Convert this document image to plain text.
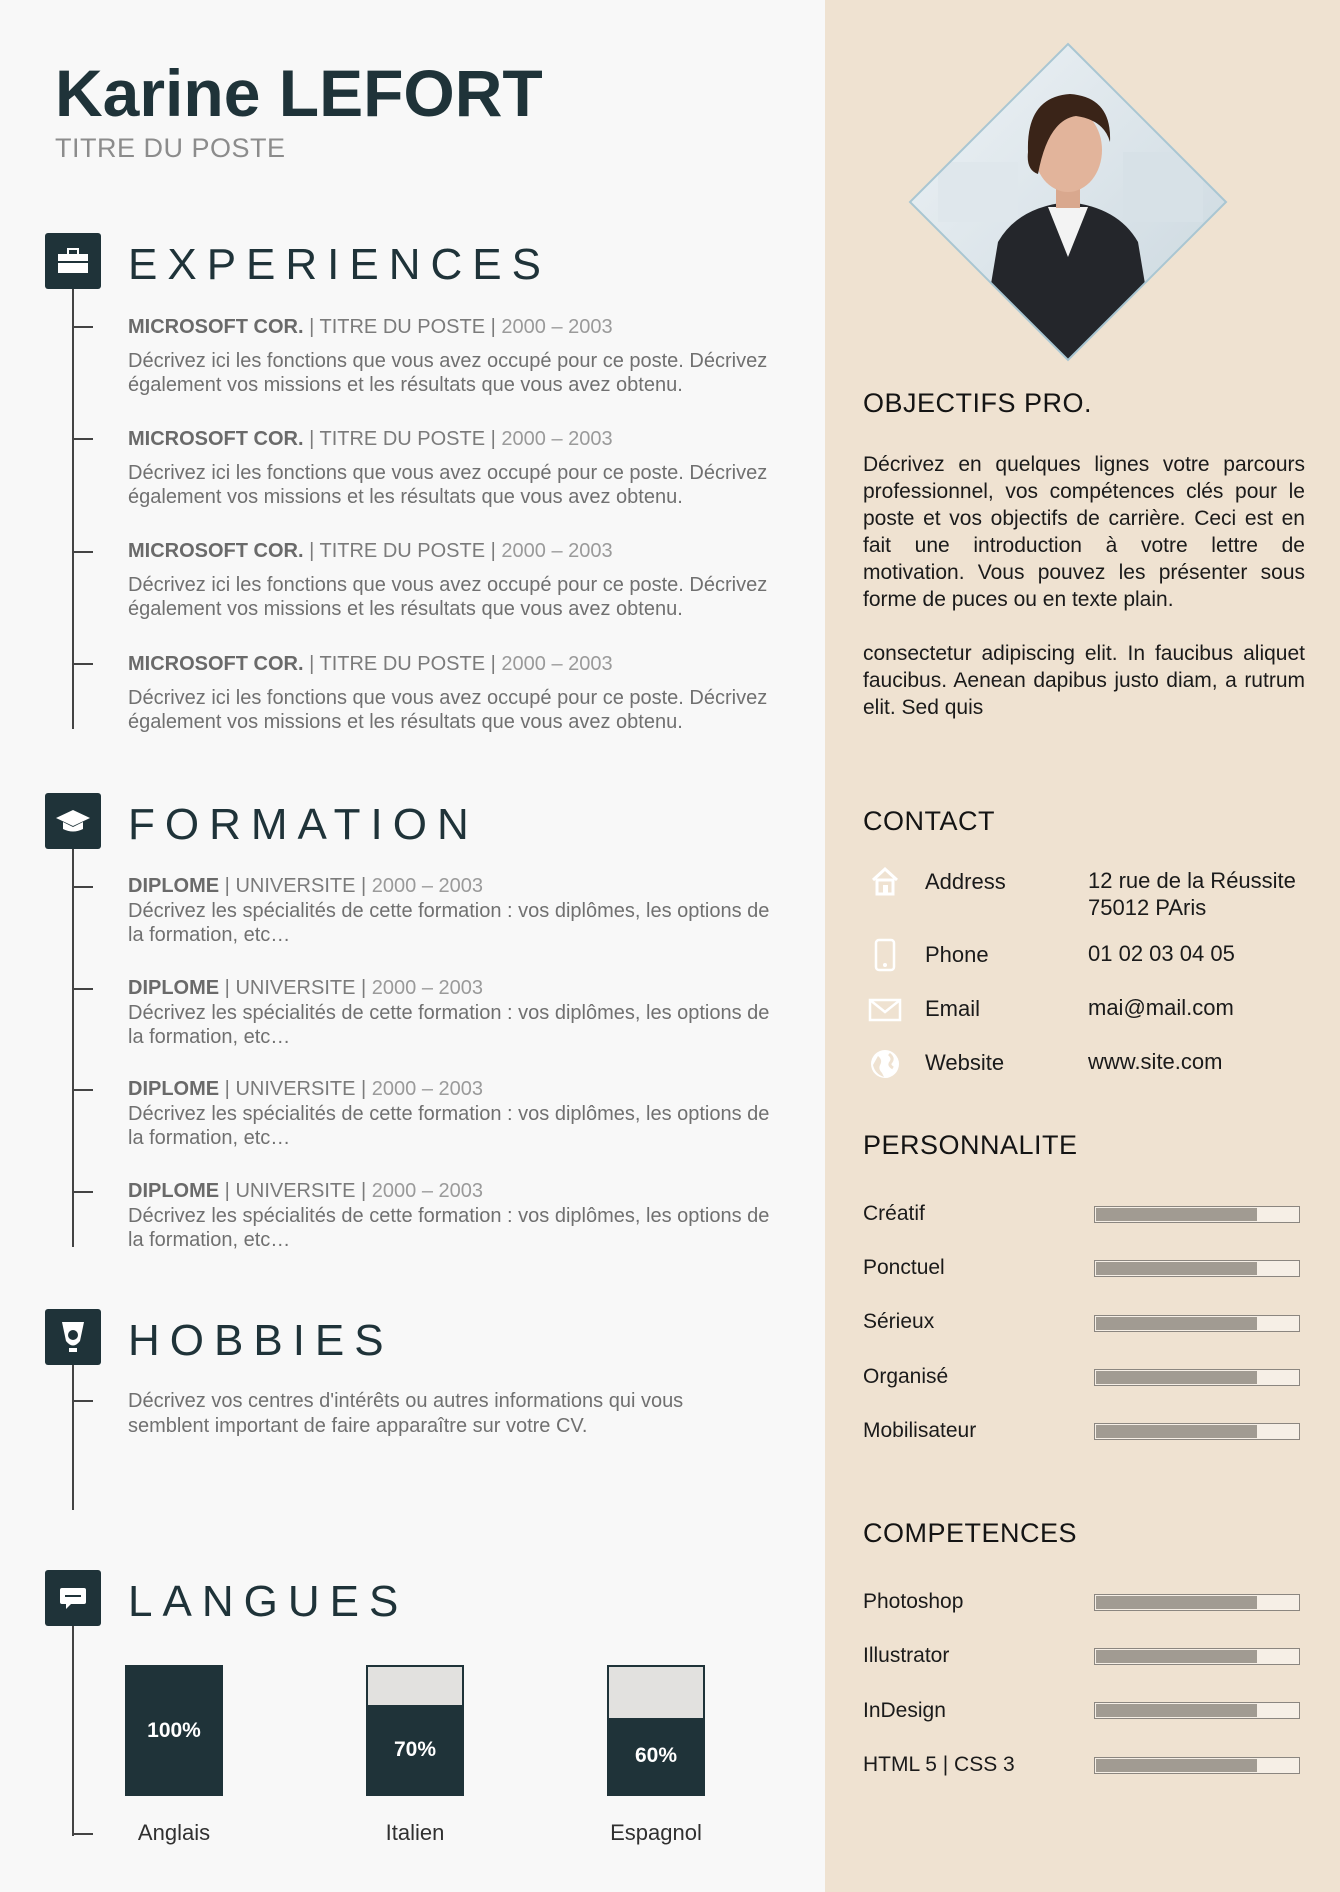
Karine LEFORT
TITRE DU POSTE
EXPERIENCES
MICROSOFT COR. | TITRE DU POSTE | 2000 – 2003
Décrivez ici les fonctions que vous avez occupé pour ce poste. Décrivez également vos missions et les résultats que vous avez obtenu.
MICROSOFT COR. | TITRE DU POSTE | 2000 – 2003
Décrivez ici les fonctions que vous avez occupé pour ce poste. Décrivez également vos missions et les résultats que vous avez obtenu.
MICROSOFT COR. | TITRE DU POSTE | 2000 – 2003
Décrivez ici les fonctions que vous avez occupé pour ce poste. Décrivez également vos missions et les résultats que vous avez obtenu.
MICROSOFT COR. | TITRE DU POSTE | 2000 – 2003
Décrivez ici les fonctions que vous avez occupé pour ce poste. Décrivez également vos missions et les résultats que vous avez obtenu.
FORMATION
DIPLOME | UNIVERSITE | 2000 – 2003
Décrivez les spécialités de cette formation : vos diplômes, les options de la formation, etc…
DIPLOME | UNIVERSITE | 2000 – 2003
Décrivez les spécialités de cette formation : vos diplômes, les options de la formation, etc…
DIPLOME | UNIVERSITE | 2000 – 2003
Décrivez les spécialités de cette formation : vos diplômes, les options de la formation, etc…
DIPLOME | UNIVERSITE | 2000 – 2003
Décrivez les spécialités de cette formation : vos diplômes, les options de la formation, etc…
HOBBIES
Décrivez vos centres d'intérêts ou autres informations qui vous semblent important de faire apparaître sur votre CV.
LANGUES
100%
Anglais
70%
Italien
60%
Espagnol
OBJECTIFS PRO.
Décrivez en quelques lignes votre parcours professionnel, vos compétences clés pour le poste et vos objectifs de carrière. Ceci est en fait une introduction à votre lettre de motivation. Vous pouvez les présenter sous forme de puces ou en texte plain.
consectetur adipiscing elit. In faucibus aliquet faucibus. Aenean dapibus justo diam, a rutrum elit. Sed quis
CONTACT
Address	12 rue de la Réussite
75012 PAris
Phone	01 02 03 04 05
Email	mai@mail.com
Website	www.site.com
PERSONNALITE
Créatif
Ponctuel
Sérieux
Organisé
Mobilisateur
COMPETENCES
Photoshop
Illustrator
InDesign
HTML 5 | CSS 3
